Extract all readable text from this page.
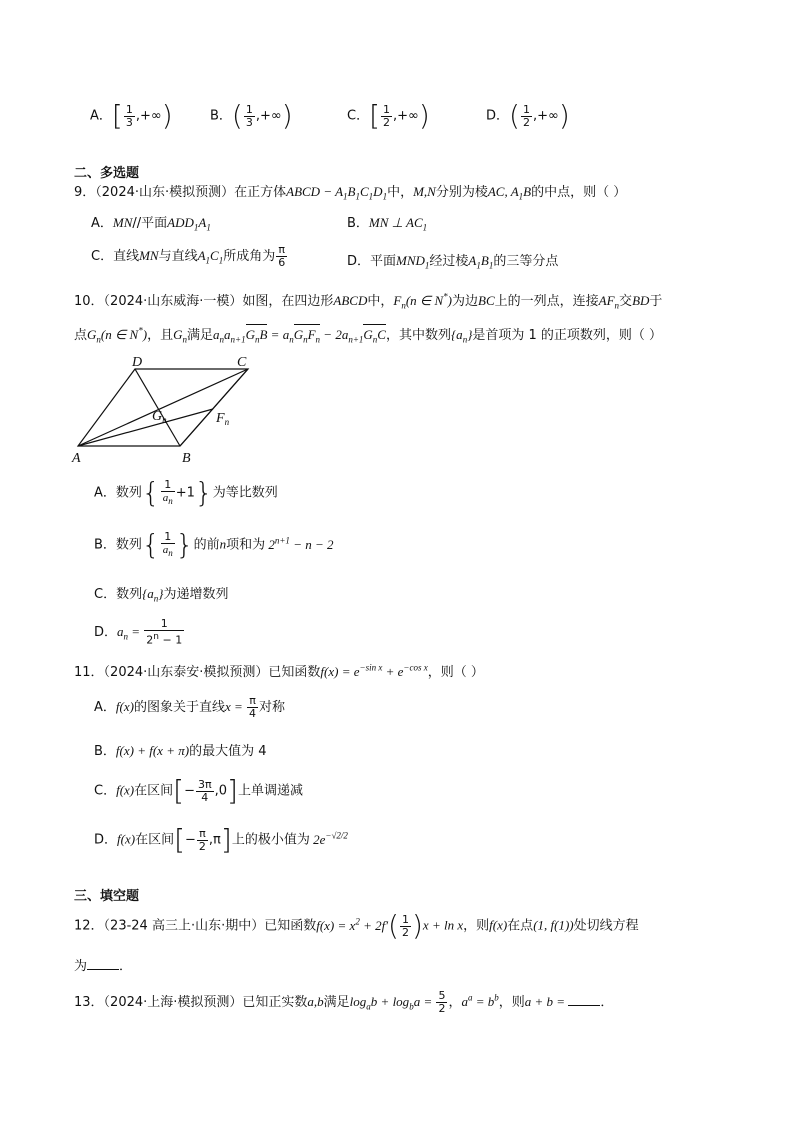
A．[ $\frac{1}{3}$ ,+∞)	B．( $\frac{1}{3}$ ,+∞)	C．[ $\frac{1}{2}$ ,+∞)	D．( $\frac{1}{2}$ ,+∞)
二、多选题
9．（2024·山东·模拟预测）在正方体ABCD − $A_1B_1C_1D_1$中，M,N分别为棱AC, $A_1B$的中点，则（ ）
A．MN//平面$ADD_1A_1$	B．MN ⊥ $AC_1$
C．直线MN与直线$A_1C_1$所成角为 $\frac{\pi}{6}$	D．平面$MND_1$经过棱$A_1B_1$的三等分点
10．（2024·山东威海·一模）如图，在四边形ABCD中，$F_n(n$ ∈ N*)为边BC上的一列点，连接$AF_n$交BD于
点$G_n(n$ ∈ N*)，且$G_n$满足$a_na_{n+1}G_nB = a_nG_nF_n - 2a_{n+1}G_nC$，其中数列$\{a_n\}$是首项为 1 的正项数列，则（ ）
D	C
A	B
$G_n$	$F_n$
A．数列{ $\frac{1}{a_n} +1$}为等比数列
B．数列{ $\frac{1}{a_n}$ }的前n项和为 $2^{n+1} - n - 2$
C．数列$\{a_n\}$为递增数列
D．$a_n = \frac{1}{2^n - 1}$
11．（2024·山东泰安·模拟预测）已知函数$f(x) = e^{-sin x} + e^{-cos x}$，则（ ）
A．f(x)的图象关于直线$x = \frac{\pi}{4}$ 对称
B．f(x) + f(x + π)的最大值为 4
C．f(x)在区间[− $\frac{3\pi}{4} ,0$]上单调递减
D．f(x)在区间[− $\frac{\pi}{2} ,\pi$]上的极小值为 $2e^{-√2/2}$
三、填空题
12．（23-24 高三上·山东·期中）已知函数$f(x) = x^2 + 2f'( \frac{1}{2} )x + \ln x$，则f(x)在点(1, f(1))处切线方程
为 ．
13．（2024·上海·模拟预测）已知正实数a,b满足$\log_ab + \log_ba = \frac{5}{2}$ ，$a^a = b^b$，则a + b = ．
